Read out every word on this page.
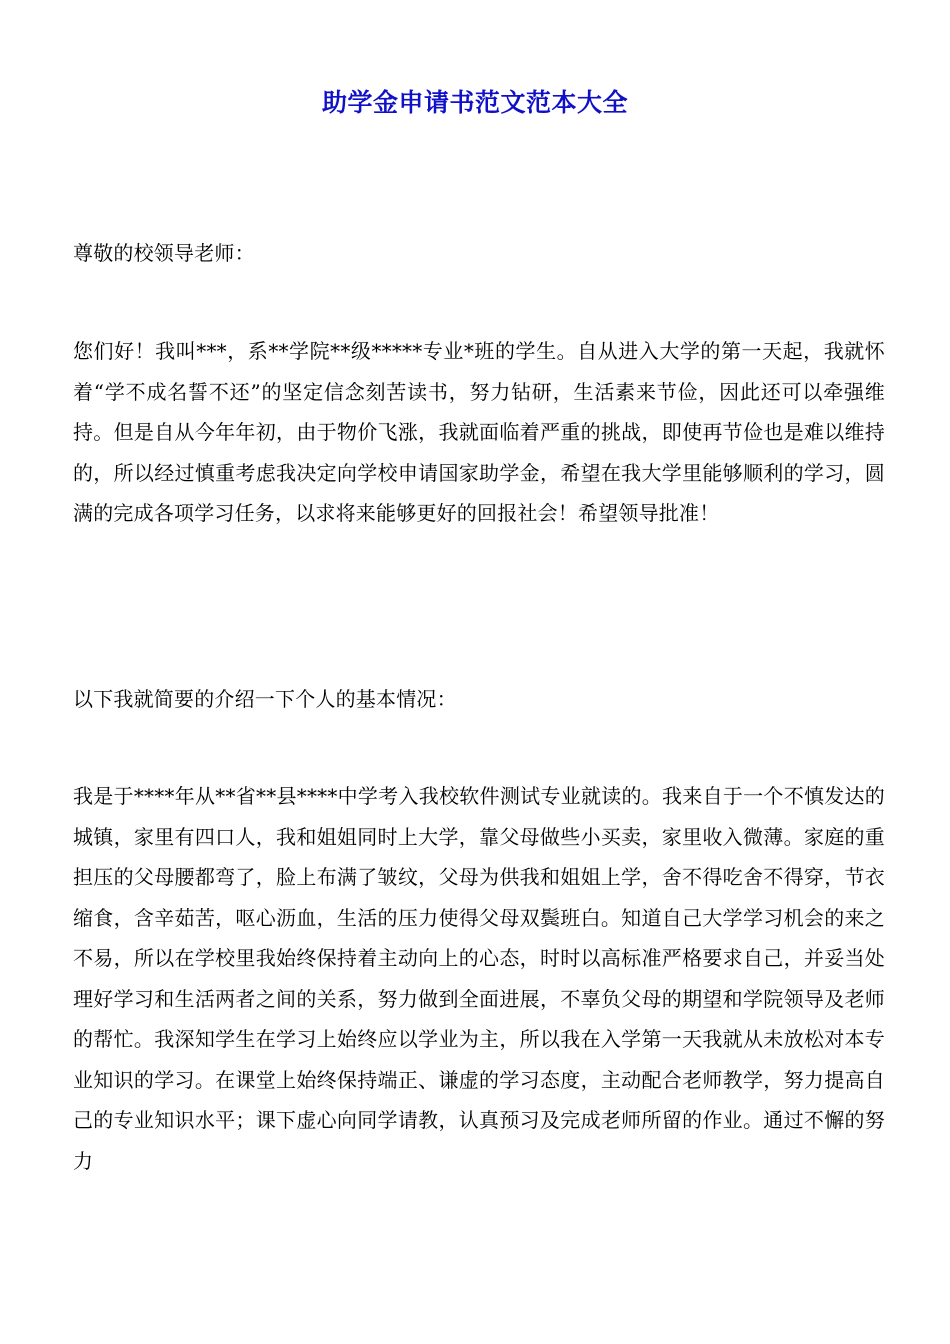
助学金申请书范文范本大全

尊敬的校领导老师：

您们好！我叫***，系**学院**级*****专业*班的学生。自从进入大学的第一天起，我就怀着“学不成名誓不还”的坚定信念刻苦读书，努力钻研，生活素来节俭，因此还可以牵强维持。但是自从今年年初，由于物价飞涨，我就面临着严重的挑战，即使再节俭也是难以维持的，所以经过慎重考虑我决定向学校申请国家助学金，希望在我大学里能够顺利的学习，圆满的完成各项学习任务，以求将来能够更好的回报社会！希望领导批准！

以下我就简要的介绍一下个人的基本情况：

我是于****年从**省**县****中学考入我校软件测试专业就读的。我来自于一个不慎发达的城镇，家里有四口人，我和姐姐同时上大学，靠父母做些小买卖，家里收入微薄。家庭的重担压的父母腰都弯了，脸上布满了皱纹，父母为供我和姐姐上学，舍不得吃舍不得穿，节衣缩食，含辛茹苦，呕心沥血，生活的压力使得父母双鬓班白。知道自己大学学习机会的来之不易，所以在学校里我始终保持着主动向上的心态，时时以高标准严格要求自己，并妥当处理好学习和生活两者之间的关系，努力做到全面进展，不辜负父母的期望和学院领导及老师的帮忙。我深知学生在学习上始终应以学业为主，所以我在入学第一天我就从未放松对本专业知识的学习。在课堂上始终保持端正、谦虚的学习态度，主动配合老师教学，努力提高自己的专业知识水平；课下虚心向同学请教，认真预习及完成老师所留的作业。通过不懈的努力
